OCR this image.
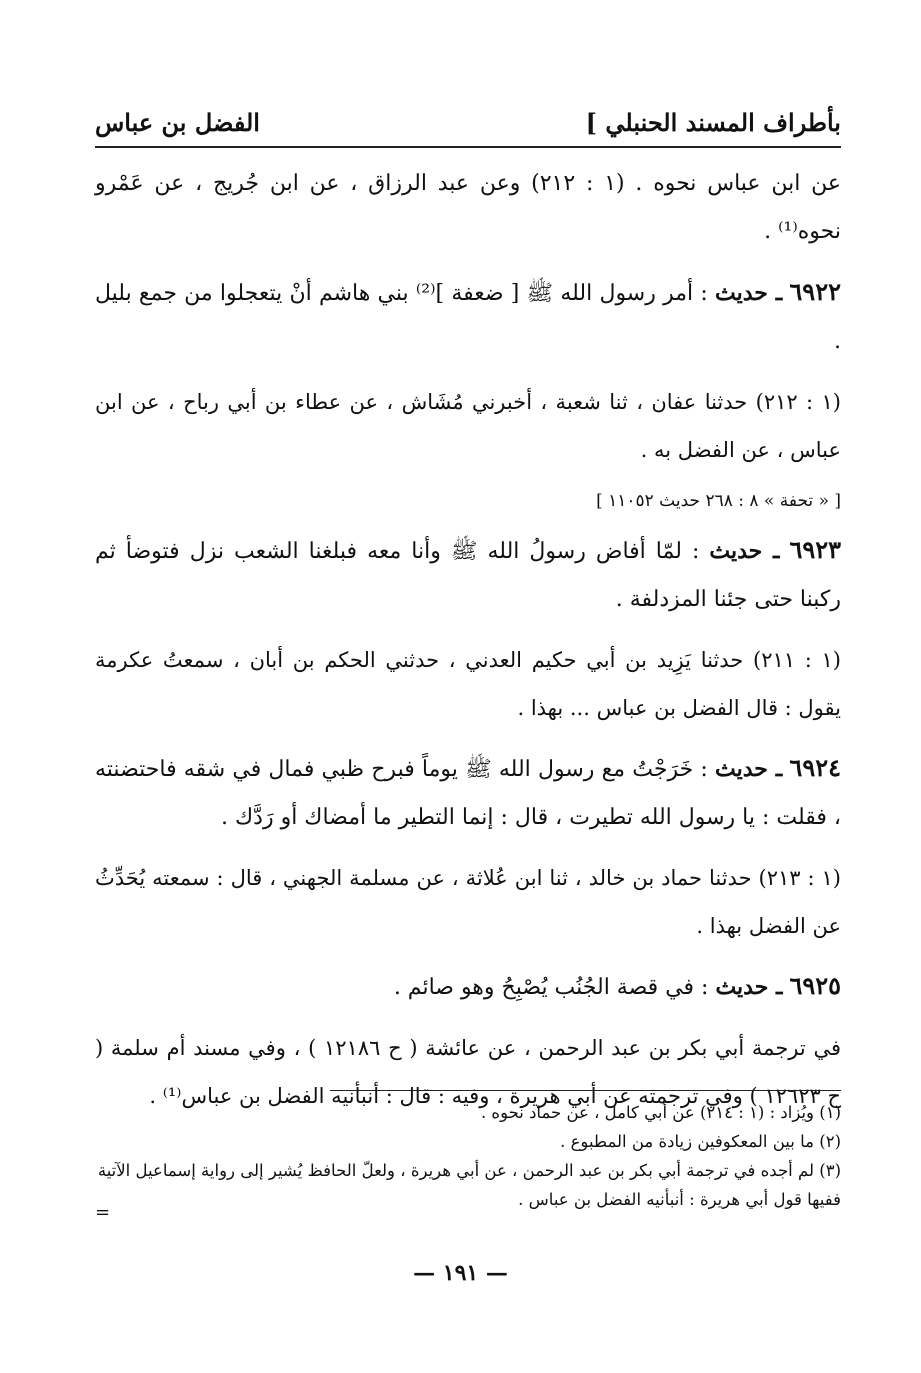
بأطراف المسند الحنبلي ]
الفضل بن عباس

عن ابن عباس نحوه . (١ : ٢١٢) وعن عبد الرزاق ، عن ابن جُريج ، عن عَمْرو نحوه⁽¹⁾ .

٦٩٢٢ ـ حديث : أمر رسول الله ﷺ [ ضعفة ]⁽²⁾ بني هاشم أنْ يتعجلوا من جمع بليل .

(١ : ٢١٢) حدثنا عفان ، ثنا شعبة ، أخبرني مُشَاش ، عن عطاء بن أبي رباح ، عن ابن عباس ، عن الفضل به .

[ « تحفة » ٨ : ٢٦٨ حديث ١١٠٥٢ ]

٦٩٢٣ ـ حديث : لمّا أفاض رسولُ الله ﷺ وأنا معه فبلغنا الشعب نزل فتوضأ ثم ركبنا حتى جئنا المزدلفة .

(١ : ٢١١) حدثنا يَزِيد بن أبي حكيم العدني ، حدثني الحكم بن أبان ، سمعتُ عكرمة يقول : قال الفضل بن عباس ... بهذا .

٦٩٢٤ ـ حديث : خَرَجْتُ مع رسول الله ﷺ يوماً فبرح ظبي فمال في شقه فاحتضنته ، فقلت : يا رسول الله تطيرت ، قال : إنما التطير ما أمضاك أو رَدَّك .

(١ : ٢١٣) حدثنا حماد بن خالد ، ثنا ابن عُلاثة ، عن مسلمة الجهني ، قال : سمعته يُحَدِّثُ عن الفضل بهذا .

٦٩٢٥ ـ حديث : في قصة الجُنُب يُصْبِحُ وهو صائم .

في ترجمة أبي بكر بن عبد الرحمن ، عن عائشة ( ح ١٢١٨٦ ) ، وفي مسند أم سلمة ( ح ١٢٦٢٣ ) وفي ترجمته عن أبي هريرة ، وفيه : قال : أنبأنيه الفضل بن عباس⁽¹⁾ .

(١) ويُزاد : (١ : ٢١٤) عن أبي كامل ، عن حماد نحوه .
(٢) ما بين المعكوفين زيادة من المطبوع .
(٣) لم أجده في ترجمة أبي بكر بن عبد الرحمن ، عن أبي هريرة ، ولعلّ الحافظ يُشير إلى رواية إسماعيل الآتية ففيها قول أبي هريرة : أنبأنيه الفضل بن عباس .
=
— ١٩١ —
